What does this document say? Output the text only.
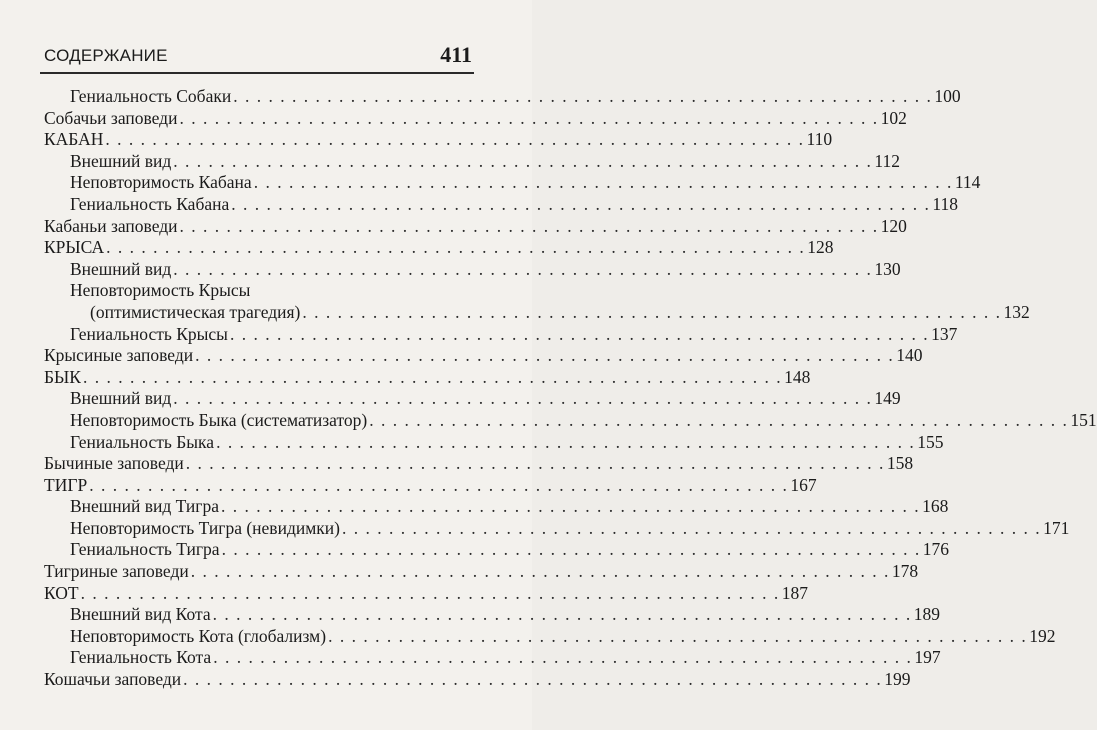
СОДЕРЖАНИЕ	411
Гениальность Собаки . . . . . . . . . . . . . . . . . . . . . . . . . . . . . . . . . . . . . . . . . . . . . . . . . . . . . . . . . . . . 100
Собачьи заповеди . . . . . . . . . . . . . . . . . . . . . . . . . . . . . . . . . . . . . . . . . . . . . . . . . . . . . . . . . . . . 102
КАБАН . . . . . . . . . . . . . . . . . . . . . . . . . . . . . . . . . . . . . . . . . . . . . . . . . . . . . . . . . . . . 110
Внешний вид . . . . . . . . . . . . . . . . . . . . . . . . . . . . . . . . . . . . . . . . . . . . . . . . . . . . . . . . . . . . 112
Неповторимость Кабана . . . . . . . . . . . . . . . . . . . . . . . . . . . . . . . . . . . . . . . . . . . . . . . . . . . . . . . . . . . . 114
Гениальность Кабана . . . . . . . . . . . . . . . . . . . . . . . . . . . . . . . . . . . . . . . . . . . . . . . . . . . . . . . . . . . . 118
Кабаньи заповеди . . . . . . . . . . . . . . . . . . . . . . . . . . . . . . . . . . . . . . . . . . . . . . . . . . . . . . . . . . . . 120
КРЫСА . . . . . . . . . . . . . . . . . . . . . . . . . . . . . . . . . . . . . . . . . . . . . . . . . . . . . . . . . . . . 128
Внешний вид . . . . . . . . . . . . . . . . . . . . . . . . . . . . . . . . . . . . . . . . . . . . . . . . . . . . . . . . . . . . 130
Неповторимость Крысы
(оптимистическая трагедия) . . . . . . . . . . . . . . . . . . . . . . . . . . . . . . . . . . . . . . . . . . . . . . . . . . . . . . . . . . . . 132
Гениальность Крысы . . . . . . . . . . . . . . . . . . . . . . . . . . . . . . . . . . . . . . . . . . . . . . . . . . . . . . . . . . . . 137
Крысиные заповеди . . . . . . . . . . . . . . . . . . . . . . . . . . . . . . . . . . . . . . . . . . . . . . . . . . . . . . . . . . . . 140
БЫК . . . . . . . . . . . . . . . . . . . . . . . . . . . . . . . . . . . . . . . . . . . . . . . . . . . . . . . . . . . . 148
Внешний вид . . . . . . . . . . . . . . . . . . . . . . . . . . . . . . . . . . . . . . . . . . . . . . . . . . . . . . . . . . . . 149
Неповторимость Быка (систематизатор) . . . . . . . . . . . . . . . . . . . . . . . . . . . . . . . . . . . . . . . . . . . . . . . . . . . . . . . . . . . . 151
Гениальность Быка . . . . . . . . . . . . . . . . . . . . . . . . . . . . . . . . . . . . . . . . . . . . . . . . . . . . . . . . . . . . 155
Бычиные заповеди . . . . . . . . . . . . . . . . . . . . . . . . . . . . . . . . . . . . . . . . . . . . . . . . . . . . . . . . . . . . 158
ТИГР . . . . . . . . . . . . . . . . . . . . . . . . . . . . . . . . . . . . . . . . . . . . . . . . . . . . . . . . . . . . 167
Внешний вид Тигра . . . . . . . . . . . . . . . . . . . . . . . . . . . . . . . . . . . . . . . . . . . . . . . . . . . . . . . . . . . . 168
Неповторимость Тигра (невидимки) . . . . . . . . . . . . . . . . . . . . . . . . . . . . . . . . . . . . . . . . . . . . . . . . . . . . . . . . . . . . 171
Гениальность Тигра . . . . . . . . . . . . . . . . . . . . . . . . . . . . . . . . . . . . . . . . . . . . . . . . . . . . . . . . . . . . 176
Тигриные заповеди . . . . . . . . . . . . . . . . . . . . . . . . . . . . . . . . . . . . . . . . . . . . . . . . . . . . . . . . . . . . 178
КОТ . . . . . . . . . . . . . . . . . . . . . . . . . . . . . . . . . . . . . . . . . . . . . . . . . . . . . . . . . . . . 187
Внешний вид Кота . . . . . . . . . . . . . . . . . . . . . . . . . . . . . . . . . . . . . . . . . . . . . . . . . . . . . . . . . . . . 189
Неповторимость Кота (глобализм) . . . . . . . . . . . . . . . . . . . . . . . . . . . . . . . . . . . . . . . . . . . . . . . . . . . . . . . . . . . . 192
Гениальность Кота . . . . . . . . . . . . . . . . . . . . . . . . . . . . . . . . . . . . . . . . . . . . . . . . . . . . . . . . . . . . 197
Кошачьи заповеди . . . . . . . . . . . . . . . . . . . . . . . . . . . . . . . . . . . . . . . . . . . . . . . . . . . . . . . . . . . . 199
